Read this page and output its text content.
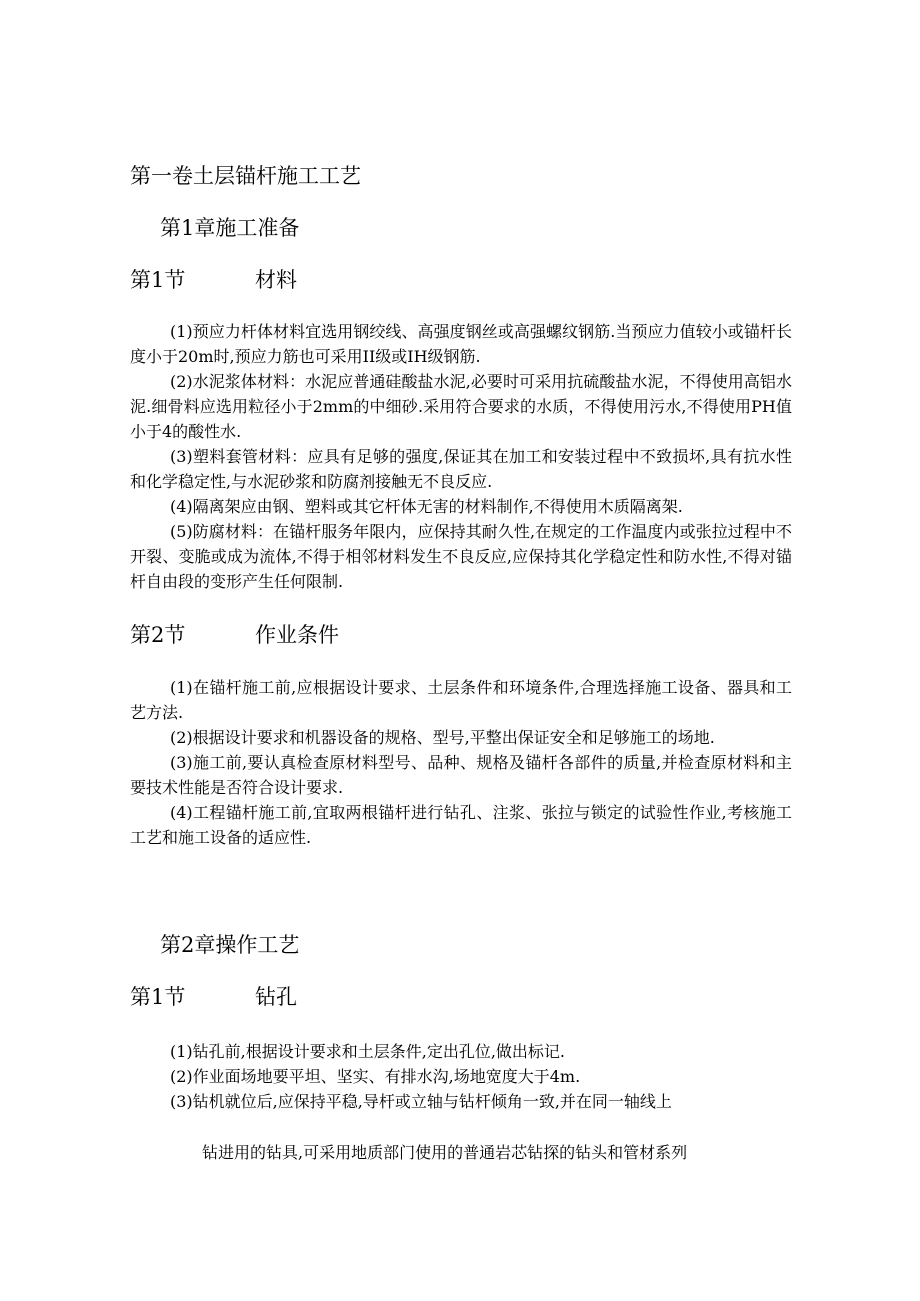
第一卷土层锚杆施工工艺
第1章施工准备
第1节	材料

(1)预应力杆体材料宜选用钢绞线、高强度钢丝或高强螺纹钢筋.当预应力值较小或锚杆长度小于20m时,预应力筋也可采用II级或IH级钢筋.

(2)水泥浆体材料：水泥应普通硅酸盐水泥,必要时可采用抗硫酸盐水泥，不得使用高铝水泥.细骨料应选用粒径小于2mm的中细砂.采用符合要求的水质，不得使用污水,不得使用PH值小于4的酸性水.

(3)塑料套管材料：应具有足够的强度,保证其在加工和安装过程中不致损坏,具有抗水性和化学稳定性,与水泥砂浆和防腐剂接触无不良反应.

(4)隔离架应由钢、塑料或其它杆体无害的材料制作,不得使用木质隔离架.

(5)防腐材料：在锚杆服务年限内，应保持其耐久性,在规定的工作温度内或张拉过程中不开裂、变脆或成为流体,不得于相邻材料发生不良反应,应保持其化学稳定性和防水性,不得对锚杆自由段的变形产生任何限制.

第2节	作业条件

(1)在锚杆施工前,应根据设计要求、土层条件和环境条件,合理选择施工设备、器具和工艺方法.

(2)根据设计要求和机器设备的规格、型号,平整出保证安全和足够施工的场地.

(3)施工前,要认真检查原材料型号、品种、规格及锚杆各部件的质量,并检查原材料和主要技术性能是否符合设计要求.

(4)工程锚杆施工前,宜取两根锚杆进行钻孔、注浆、张拉与锁定的试验性作业,考核施工工艺和施工设备的适应性.

第2章操作工艺
第1节	钻孔

(1)钻孔前,根据设计要求和土层条件,定出孔位,做出标记.

(2)作业面场地要平坦、坚实、有排水沟,场地宽度大于4m.

(3)钻机就位后,应保持平稳,导杆或立轴与钻杆倾角一致,并在同一轴线上

钻进用的钻具,可采用地质部门使用的普通岩芯钻探的钻头和管材系列
